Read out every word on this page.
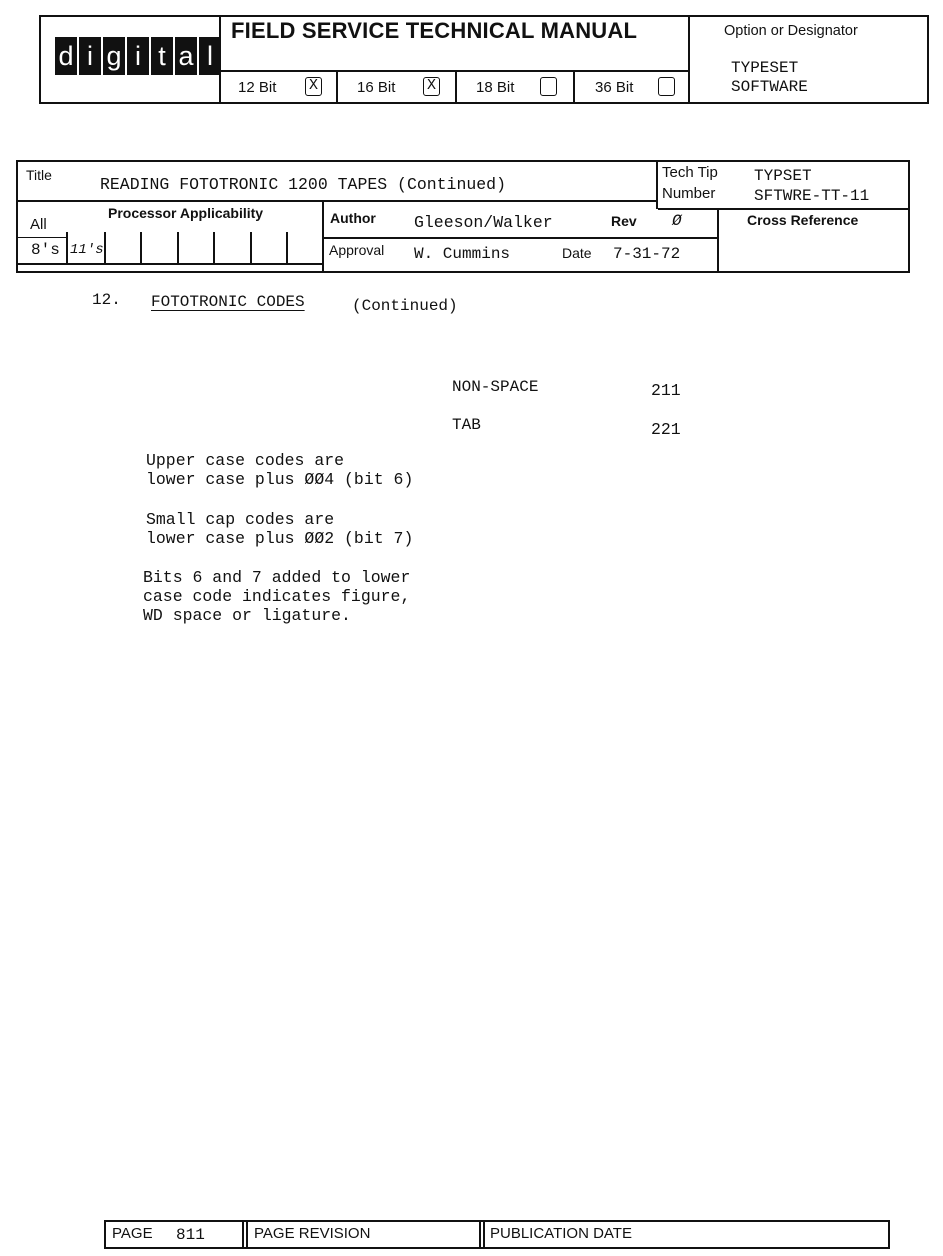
d i g i t a l
FIELD SERVICE TECHNICAL MANUAL
12 Bit X	16 Bit X	18 Bit	36 Bit
Option or Designator
TYPESET
SOFTWARE
Title	READING FOTOTRONIC 1200 TAPES (Continued)
Tech Tip
Number
TYPSET
SFTWRE-TT-11
Processor Applicability
All
8's 11's
Author Gleeson/Walker	Rev Ø
Approval W. Cummins	Date 7-31-72
Cross Reference
12. FOTOTRONIC CODES	(Continued)
NON-SPACE	211
TAB	221
Upper case codes are
lower case plus ØØ4 (bit 6)
Small cap codes are
lower case plus ØØ2 (bit 7)
Bits 6 and 7 added to lower
case code indicates figure,
WD space or ligature.
PAGE 811	PAGE REVISION	PUBLICATION DATE
